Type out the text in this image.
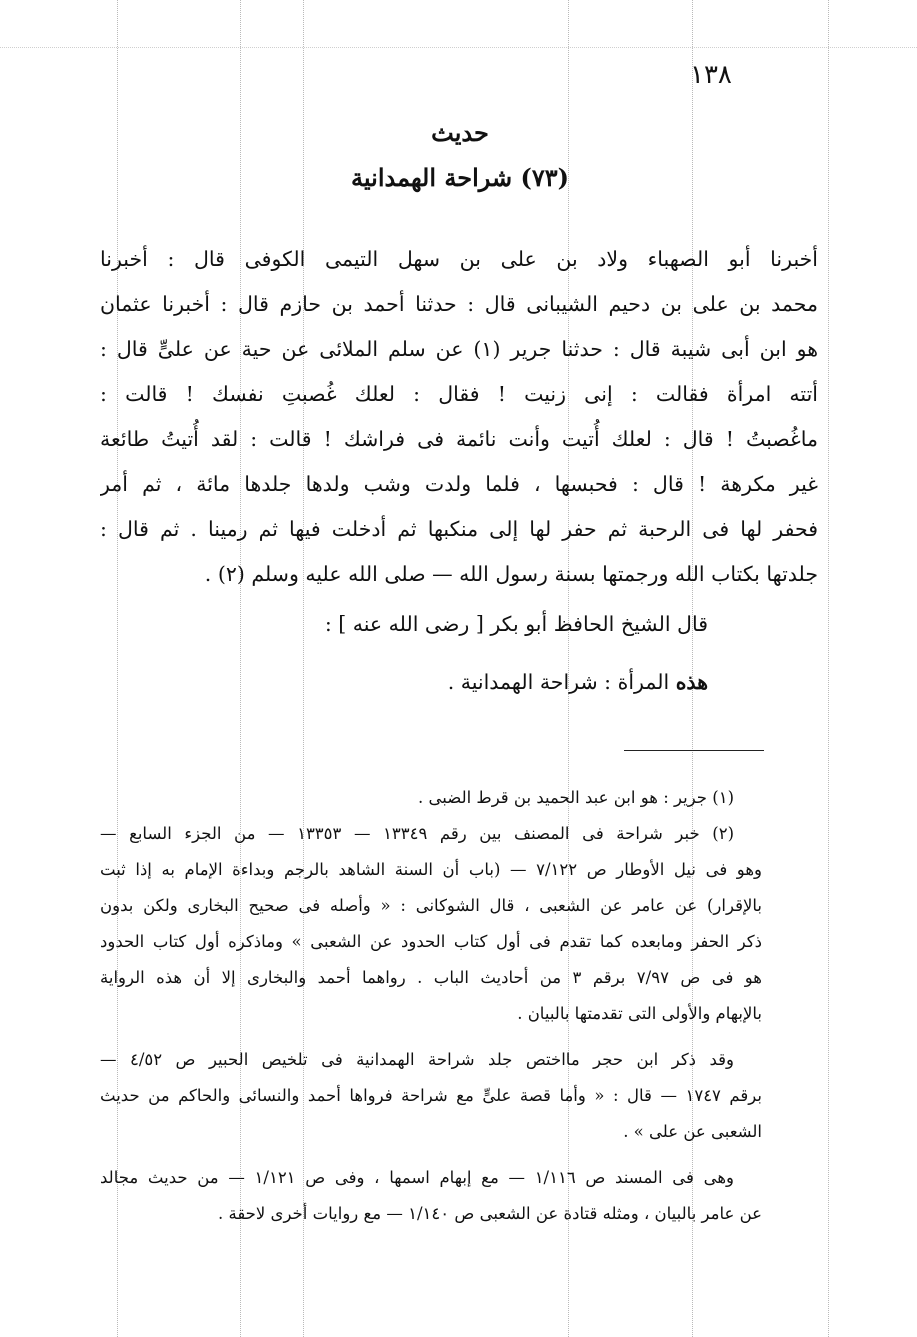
١٣٨
حديث
(٧٣) شراحة الهمدانية
أخبرنا أبو الصهباء ولاد بن على بن سهل التيمى الكوفى قال : أخبرنا
محمد بن على بن دحيم الشيبانى قال : حدثنا أحمد بن حازم قال : أخبرنا عثمان
هو ابن أبى شيبة قال : حدثنا جرير (١) عن سلم الملائى عن حية عن علىٍّ قال :
أتته امرأة فقالت : إنى زنيت ! فقال : لعلك غُصبتِ نفسك ! قالت :
ماغُصبتُ ! قال : لعلك أُتيت وأنت نائمة فى فراشك ! قالت : لقد أُتيتُ طائعة
غير مكرهة ! قال : فحبسها ، فلما ولدت وشب ولدها جلدها مائة ، ثم أمر
فحفر لها فى الرحبة ثم حفر لها إلى منكبها ثم أدخلت فيها ثم رمينا . ثم قال :
جلدتها بكتاب الله ورجمتها بسنة رسول الله — صلى الله عليه وسلم (٢) .
قال الشيخ الحافظ أبو بكر [ رضى الله عنه ] :
هذه المرأة : شراحة الهمدانية .
(١) جرير : هو ابن عبد الحميد بن قرط الضبى .
(٢) خبر شراحة فى المصنف بين رقم ١٣٣٤٩ — ١٣٣٥٣ — من الجزء السابع —
وهو فى نيل الأوطار ص ٧/١٢٢ — (باب أن السنة الشاهد بالرجم وبداءة الإمام به إذا ثبت
بالإقرار) عن عامر عن الشعبى ، قال الشوكانى : « وأصله فى صحيح البخارى ولكن بدون
ذكر الحفر ومابعده كما تقدم فى أول كتاب الحدود عن الشعبى » وماذكره أول كتاب الحدود
هو فى ص ٧/٩٧ برقم ٣ من أحاديث الباب . رواهما أحمد والبخارى إلا أن هذه الرواية
بالإبهام والأولى التى تقدمتها بالبيان .
وقد ذكر ابن حجر مااختص جلد شراحة الهمدانية فى تلخيص الحبير ص ٤/٥٢ —
برقم ١٧٤٧ — قال : « وأما قصة علىٍّ مع شراحة فرواها أحمد والنسائى والحاكم من حديث
الشعبى عن على » .
وهى فى المسند ص ١/١١٦ — مع إبهام اسمها ، وفى ص ١/١٢١ — من حديث مجالد
عن عامر بالبيان ، ومثله قتادة عن الشعبى ص ١/١٤٠ — مع روايات أخرى لاحقة .
